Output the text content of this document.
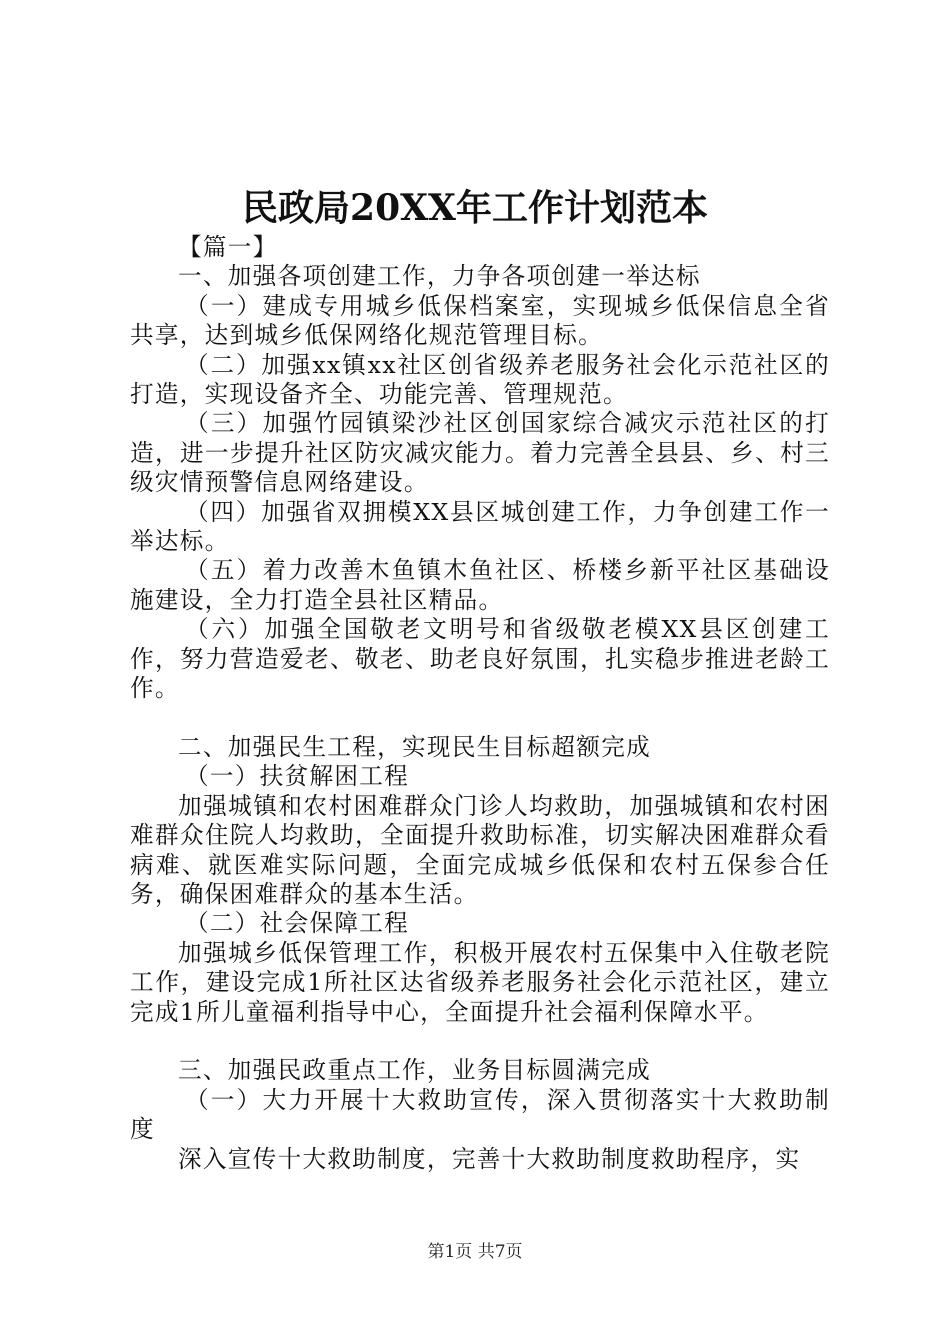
民政局20XX年工作计划范本

【篇一】

一、加强各项创建工作，力争各项创建一举达标

（一）建成专用城乡低保档案室，实现城乡低保信息全省共享，达到城乡低保网络化规范管理目标。

（二）加强xx镇xx社区创省级养老服务社会化示范社区的打造，实现设备齐全、功能完善、管理规范。

（三）加强竹园镇梁沙社区创国家综合减灾示范社区的打造，进一步提升社区防灾减灾能力。着力完善全县县、乡、村三级灾情预警信息网络建设。

（四）加强省双拥模XX县区城创建工作，力争创建工作一举达标。

（五）着力改善木鱼镇木鱼社区、桥楼乡新平社区基础设施建设，全力打造全县社区精品。

（六）加强全国敬老文明号和省级敬老模XX县区创建工作，努力营造爱老、敬老、助老良好氛围，扎实稳步推进老龄工作。

二、加强民生工程，实现民生目标超额完成

（一）扶贫解困工程

加强城镇和农村困难群众门诊人均救助，加强城镇和农村困难群众住院人均救助，全面提升救助标准，切实解决困难群众看病难、就医难实际问题，全面完成城乡低保和农村五保参合任务，确保困难群众的基本生活。

（二）社会保障工程

加强城乡低保管理工作，积极开展农村五保集中入住敬老院工作，建设完成1所社区达省级养老服务社会化示范社区，建立完成1所儿童福利指导中心，全面提升社会福利保障水平。

三、加强民政重点工作，业务目标圆满完成

（一）大力开展十大救助宣传，深入贯彻落实十大救助制度

深入宣传十大救助制度，完善十大救助制度救助程序，实

第1页 共7页
